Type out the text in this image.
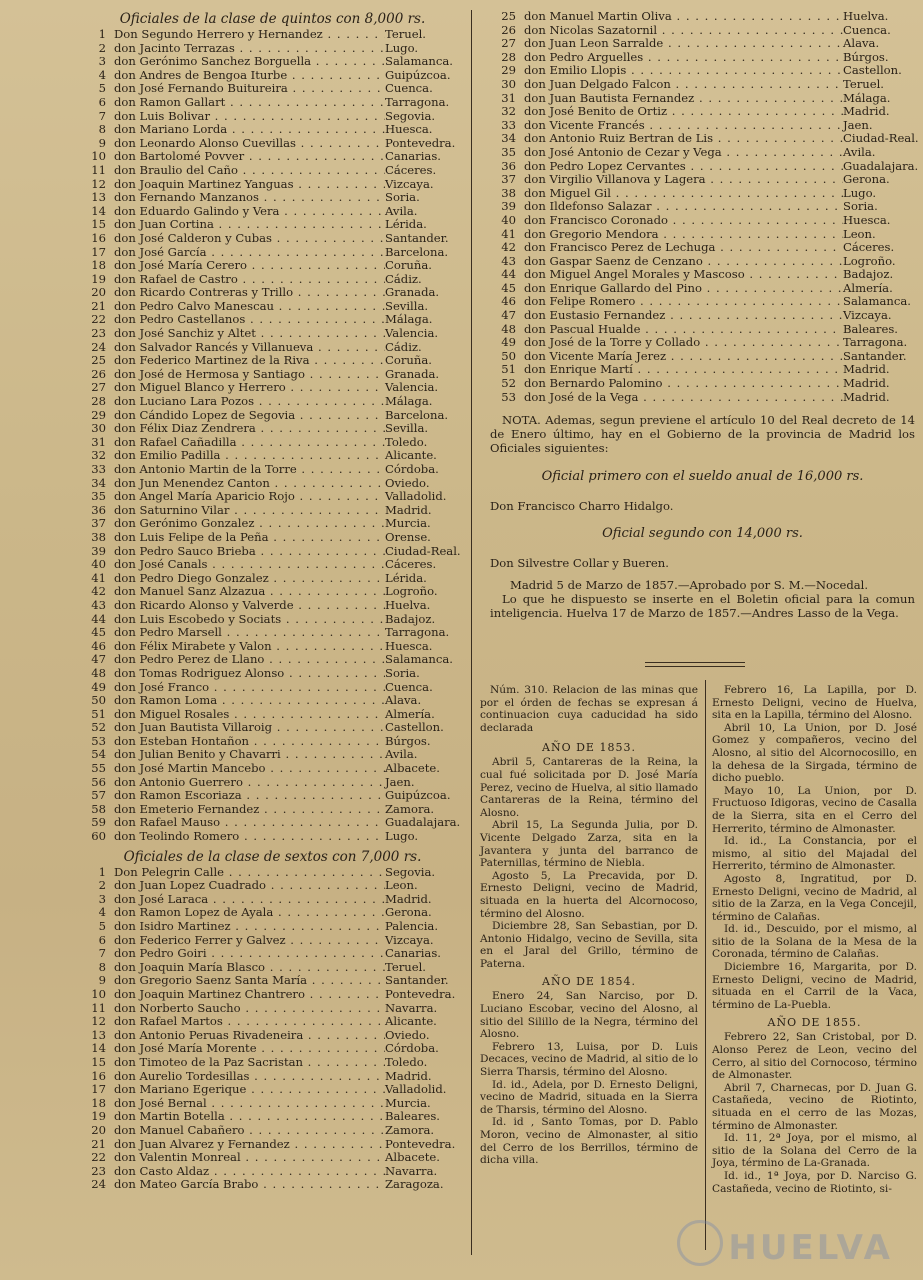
Oficiales de la clase de quintos con 8,000 rs.
1 Don Segundo Herrero y Hernandez . . .	Teruel.
2 don Jacinto Terrazas . . .	Lugo.
3 don Gerónimo Sanchez Borguella . . .	Salamanca.
4 don Andres de Bengoa Iturbe . . .	Guipúzcoa.
5 don José Fernando Buitureira . . .	Cuenca.
6 don Ramon Gallart . . .	Tarragona.
7 don Luis Bolivar . . .	Segovia.
8 don Mariano Lorda . . .	Huesca.
9 don Leonardo Alonso Cuevillas . . .	Pontevedra.
10 don Bartolomé Povver . . .	Canarias.
11 don Braulio del Caño . . .	Cáceres.
12 don Joaquin Martinez Yanguas . . .	Vizcaya.
13 don Fernando Manzanos . . .	Soria.
14 don Eduardo Galindo y Vera . . .	Avila.
15 don Juan Cortina . . .	Lérida.
16 don José Calderon y Cubas . . .	Santander.
17 don José García . . .	Barcelona.
18 don José María Cerero . . .	Coruña.
19 don Rafael de Castro . . .	Cádiz.
20 don Ricardo Contreras y Trillo . . .	Granada.
21 don Pedro Calvo Manescau . . .	Sevilla.
22 don Pedro Castellanos . . .	Málaga.
23 don José Sanchiz y Altet . . .	Valencia.
24 don Salvador Rancés y Villanueva . . .	Cádiz.
25 don Federico Martinez de la Riva . . .	Coruña.
26 don José de Hermosa y Santiago . . .	Granada.
27 don Miguel Blanco y Herrero . . .	Valencia.
28 don Luciano Lara Pozos . . .	Málaga.
29 don Cándido Lopez de Segovia . . .	Barcelona.
30 don Félix Diaz Zendrera . . .	Sevilla.
31 don Rafael Cañadilla . . .	Toledo.
32 don Emilio Padilla . . .	Alicante.
33 don Antonio Martin de la Torre . . .	Córdoba.
34 don Jun Menendez Canton . . .	Oviedo.
35 don Angel María Aparicio Rojo . . .	Valladolid.
36 don Saturnino Vilar . . .	Madrid.
37 don Gerónimo Gonzalez . . .	Murcia.
38 don Luis Felipe de la Peña . . .	Orense.
39 don Pedro Sauco Brieba . . .	Ciudad-Real.
40 don José Canals . . .	Cáceres.
41 don Pedro Diego Gonzalez . . .	Lérida.
42 don Manuel Sanz Alzazua . . .	Logroño.
43 don Ricardo Alonso y Valverde . . .	Huelva.
44 don Luis Escobedo y Sociats . . .	Badajoz.
45 don Pedro Marsell . . .	Tarragona.
46 don Félix Mirabete y Valon . . .	Huesca.
47 don Pedro Perez de Llano . . .	Salamanca.
48 don Tomas Rodriguez Alonso . . .	Soria.
49 don José Franco . . .	Cuenca.
50 don Ramon Loma . . .	Alava.
51 don Miguel Rosales . . .	Almería.
52 don Juan Bautista Villaroig . . .	Castellon.
53 don Esteban Hontañon . . .	Búrgos.
54 don Julian Benito y Chavarri . . .	Avila.
55 don José Martin Mancebo . . .	Albacete.
56 don Antonio Guerrero . . .	Jaen.
57 don Ramon Escoriaza . . .	Guipúzcoa.
58 don Emeterio Fernandez . . .	Zamora.
59 don Rafael Mauso . . .	Guadalajara.
60 don Teolindo Romero . . .	Lugo.
Oficiales de la clase de sextos con 7,000 rs.
1 Don Pelegrin Calle . . .	Segovia.
2 don Juan Lopez Cuadrado . . .	Leon.
3 don José Laraca . . .	Madrid.
4 don Ramon Lopez de Ayala . . .	Gerona.
5 don Isidro Martinez . . .	Palencia.
6 don Federico Ferrer y Galvez . . .	Vizcaya.
7 don Pedro Goiri . . .	Canarias.
8 don Joaquin María Blasco . . .	Teruel.
9 don Gregorio Saenz Santa María . . .	Santander.
10 don Joaquin Martinez Chantrero . . .	Pontevedra.
11 don Norberto Saucho . . .	Navarra.
12 don Rafael Martos . . .	Alicante.
13 don Antonio Peruas Rivadeneira . . .	Oviedo.
14 don José María Morente . . .	Córdoba.
15 don Timoteo de la Paz Sacristan . . .	Toledo.
16 don Aurelio Tordesillas . . .	Madrid.
17 don Mariano Egerique . . .	Valladolid.
18 don José Bernal . . .	Murcia.
19 don Martin Botella . . .	Baleares.
20 don Manuel Cabañero . . .	Zamora.
21 don Juan Alvarez y Fernandez . . .	Pontevedra.
22 don Valentin Monreal . . .	Albacete.
23 don Casto Aldaz . . .	Navarra.
24 don Mateo García Brabo . . .	Zaragoza.
25 don Manuel Martin Oliva . . .	Huelva.
26 don Nicolas Sazatornil . . .	Cuenca.
27 don Juan Leon Sarralde . . .	Alava.
28 don Pedro Arguelles . . .	Búrgos.
29 don Emilio Llopis . . .	Castellon.
30 don Juan Delgado Falcon . . .	Teruel.
31 don Juan Bautista Fernandez . . .	Málaga.
32 don José Benito de Ortiz . . .	Madrid.
33 don Vicente Francés . . .	Jaen.
34 don Antonio Ruiz Bertran de Lis . . .	Ciudad-Real.
35 don José Antonio de Cezar y Vega . . .	Avila.
36 don Pedro Lopez Cervantes . . .	Guadalajara.
37 don Virgilio Villanova y Lagera . . .	Gerona.
38 don Miguel Gil . . .	Lugo.
39 don Ildefonso Salazar . . .	Soria.
40 don Francisco Coronado . . .	Huesca.
41 don Gregorio Mendora . . .	Leon.
42 don Francisco Perez de Lechuga . . .	Cáceres.
43 don Gaspar Saenz de Cenzano . . .	Logroño.
44 don Miguel Angel Morales y Mascoso . . .	Badajoz.
45 don Enrique Gallardo del Pino . . .	Almería.
46 don Felipe Romero . . .	Salamanca.
47 don Eustasio Fernandez . . .	Vizcaya.
48 don Pascual Hualde . . .	Baleares.
49 don José de la Torre y Collado . . .	Tarragona.
50 don Vicente María Jerez . . .	Santander.
51 don Enrique Martí . . .	Madrid.
52 don Bernardo Palomino . . .	Madrid.
53 don José de la Vega . . .	Madrid.
NOTA. Ademas, segun previene el artículo 10 del Real decreto de 14 de Enero último, hay en el Gobierno de la provincia de Madrid los Oficiales siguientes:
Oficial primero con el sueldo anual de 16,000 rs.
Don Francisco Charro Hidalgo.
Oficial segundo con 14,000 rs.
Don Silvestre Collar y Bueren.
Madrid 5 de Marzo de 1857.—Aprobado por S. M.—Nocedal.
Lo que he dispuesto se inserte en el Boletin oficial para la comun inteligencia. Huelva 17 de Marzo de 1857.—Andres Lasso de la Vega.
Núm. 310. Relacion de las minas que por el órden de fechas se expresan á continuacion cuya caducidad ha sido declarada
AÑO DE 1853.
Abril 5, Cantareras de la Reina, la cual fué solicitada por D. José María Perez, vecino de Huelva, al sitio llamado Cantareras de la Reina, término del Alosno.
Abril 15, La Segunda Julia, por D. Vicente Delgado Zarza, sita en la Javantera y junta del barranco de Paternillas, término de Niebla.
Agosto 5, La Precavida, por D. Ernesto Deligni, vecino de Madrid, situada en la huerta del Alcornocoso, término del Alosno.
Diciembre 28, San Sebastian, por D. Antonio Hidalgo, vecino de Sevilla, sita en el Jaral del Grillo, término de Paterna.
AÑO DE 1854.
Enero 24, San Narciso, por D. Luciano Escobar, vecino del Alosno, al sitio del Silillo de la Negra, término del Alosno.
Febrero 13, Luisa, por D. Luis Decaces, vecino de Madrid, al sitio de lo Sierra Tharsis, término del Alosno.
Id. id., Adela, por D. Ernesto Deligni, vecino de Madrid, situada en la Sierra de Tharsis, término del Alosno.
Id. id , Santo Tomas, por D. Pablo Moron, vecino de Almonaster, al sitio del Cerro de los Berrillos, término de dicha villa.
Febrero 16, La Lapilla, por D. Ernesto Deligni, vecino de Huelva, sita en la Lapilla, término del Alosno.
Abril 10, La Union, por D. José Gomez y compañeros, vecino del Alosno, al sitio del Alcornocosillo, en la dehesa de la Sirgada, término de dicho pueblo.
Mayo 10, La Union, por D. Fructuoso Idigoras, vecino de Casalla de la Sierra, sita en el Cerro del Herrerito, término de Almonaster.
Id. id., La Constancia, por el mismo, al sitio del Majadal del Herrerito, término de Almonaster.
Agosto 8, Ingratitud, por D. Ernesto Deligni, vecino de Madrid, al sitio de la Zarza, en la Vega Concejil, término de Calañas.
Id. id., Descuido, por el mismo, al sitio de la Solana de la Mesa de la Coronada, término de Calañas.
Diciembre 16, Margarita, por D. Ernesto Deligni, vecino de Madrid, situada en el Carril de la Vaca, término de La-Puebla.
AÑO DE 1855.
Febrero 22, San Cristobal, por D. Alonso Perez de Leon, vecino del Cerro, al sitio del Cornocoso, término de Almonaster.
Abril 7, Charnecas, por D. Juan G. Castañeda, vecino de Riotinto, situada en el cerro de las Mozas, término de Almonaster.
Id. 11, 2ª Joya, por el mismo, al sitio de la Solana del Cerro de la Joya, término de La-Granada.
Id. id., 1ª Joya, por D. Narciso G. Castañeda, vecino de Riotinto, si-
HUELVA
